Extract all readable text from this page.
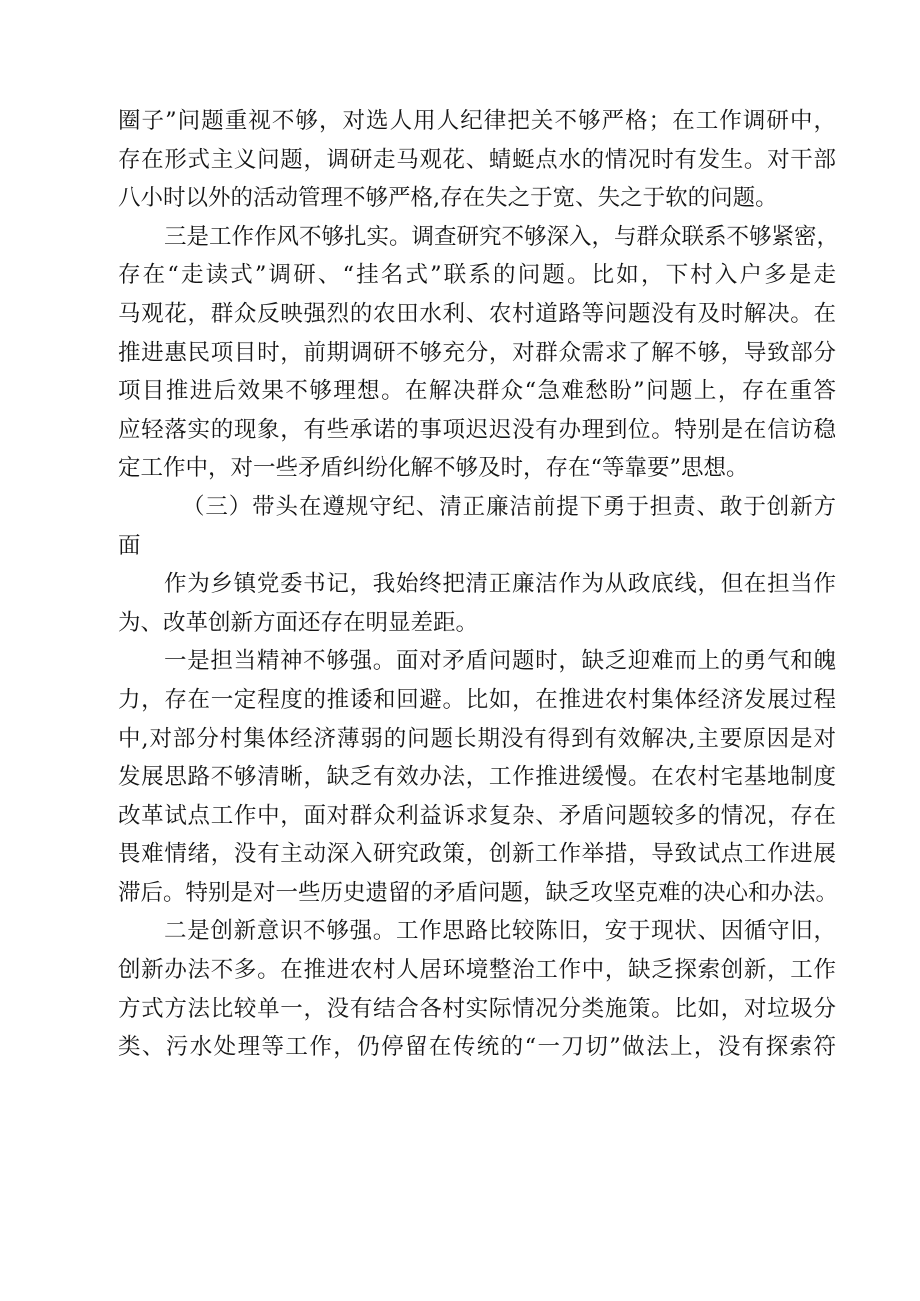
圈子”问题重视不够，对选人用人纪律把关不够严格；在工作调研中，
存在形式主义问题，调研走马观花、蜻蜓点水的情况时有发生。对干部
八小时以外的活动管理不够严格,存在失之于宽、失之于软的问题。
三是工作作风不够扎实。调查研究不够深入，与群众联系不够紧密，
存在“走读式”调研、“挂名式”联系的问题。比如，下村入户多是走
马观花，群众反映强烈的农田水利、农村道路等问题没有及时解决。在
推进惠民项目时，前期调研不够充分，对群众需求了解不够，导致部分
项目推进后效果不够理想。在解决群众“急难愁盼”问题上，存在重答
应轻落实的现象，有些承诺的事项迟迟没有办理到位。特别是在信访稳
定工作中，对一些矛盾纠纷化解不够及时，存在“等靠要”思想。
（三）带头在遵规守纪、清正廉洁前提下勇于担责、敢于创新方
面
作为乡镇党委书记，我始终把清正廉洁作为从政底线，但在担当作
为、改革创新方面还存在明显差距。
一是担当精神不够强。面对矛盾问题时，缺乏迎难而上的勇气和魄
力，存在一定程度的推诿和回避。比如，在推进农村集体经济发展过程
中,对部分村集体经济薄弱的问题长期没有得到有效解决,主要原因是对
发展思路不够清晰，缺乏有效办法，工作推进缓慢。在农村宅基地制度
改革试点工作中，面对群众利益诉求复杂、矛盾问题较多的情况，存在
畏难情绪，没有主动深入研究政策，创新工作举措，导致试点工作进展
滞后。特别是对一些历史遗留的矛盾问题，缺乏攻坚克难的决心和办法。
二是创新意识不够强。工作思路比较陈旧，安于现状、因循守旧，
创新办法不多。在推进农村人居环境整治工作中，缺乏探索创新，工作
方式方法比较单一，没有结合各村实际情况分类施策。比如，对垃圾分
类、污水处理等工作，仍停留在传统的“一刀切”做法上，没有探索符
